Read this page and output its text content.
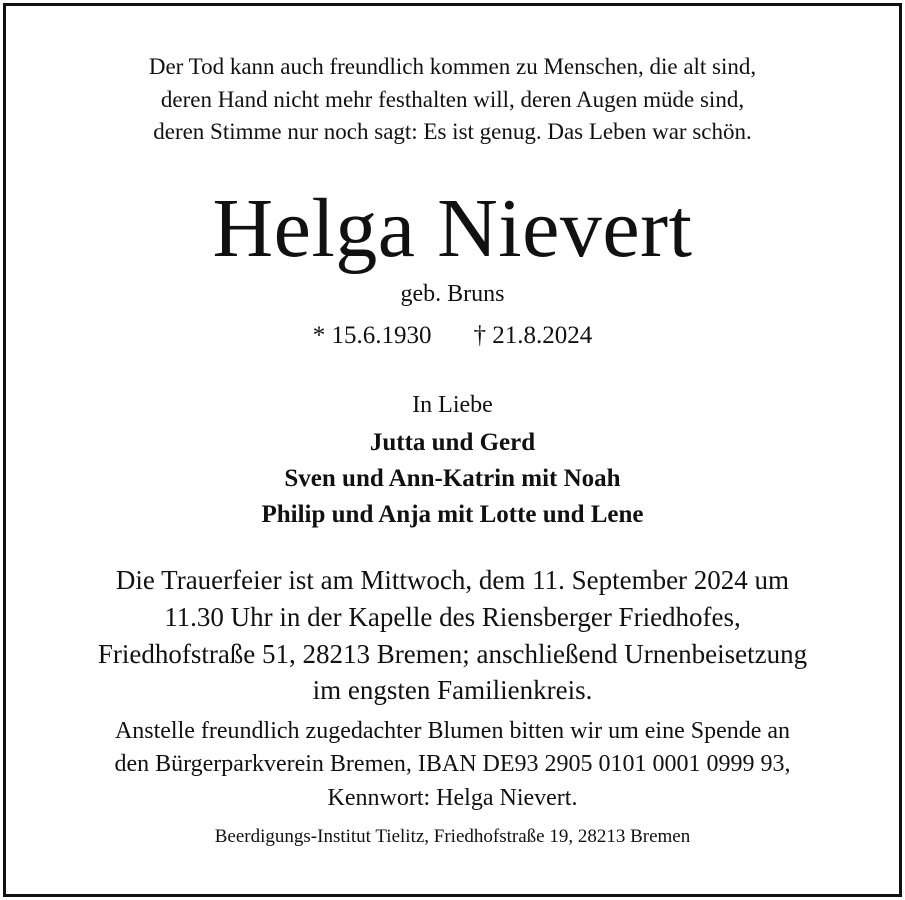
Der Tod kann auch freundlich kommen zu Menschen, die alt sind,
deren Hand nicht mehr festhalten will, deren Augen müde sind,
deren Stimme nur noch sagt: Es ist genug. Das Leben war schön.
Helga Nievert
geb. Bruns
* 15.6.1930 † 21.8.2024
In Liebe
Jutta und Gerd
Sven und Ann-Katrin mit Noah
Philip und Anja mit Lotte und Lene
Die Trauerfeier ist am Mittwoch, dem 11. September 2024 um
11.30 Uhr in der Kapelle des Riensberger Friedhofes,
Friedhofstraße 51, 28213 Bremen; anschließend Urnenbeisetzung
im engsten Familienkreis.
Anstelle freundlich zugedachter Blumen bitten wir um eine Spende an
den Bürgerparkverein Bremen, IBAN DE93 2905 0101 0001 0999 93,
Kennwort: Helga Nievert.
Beerdigungs-Institut Tielitz, Friedhofstraße 19, 28213 Bremen
